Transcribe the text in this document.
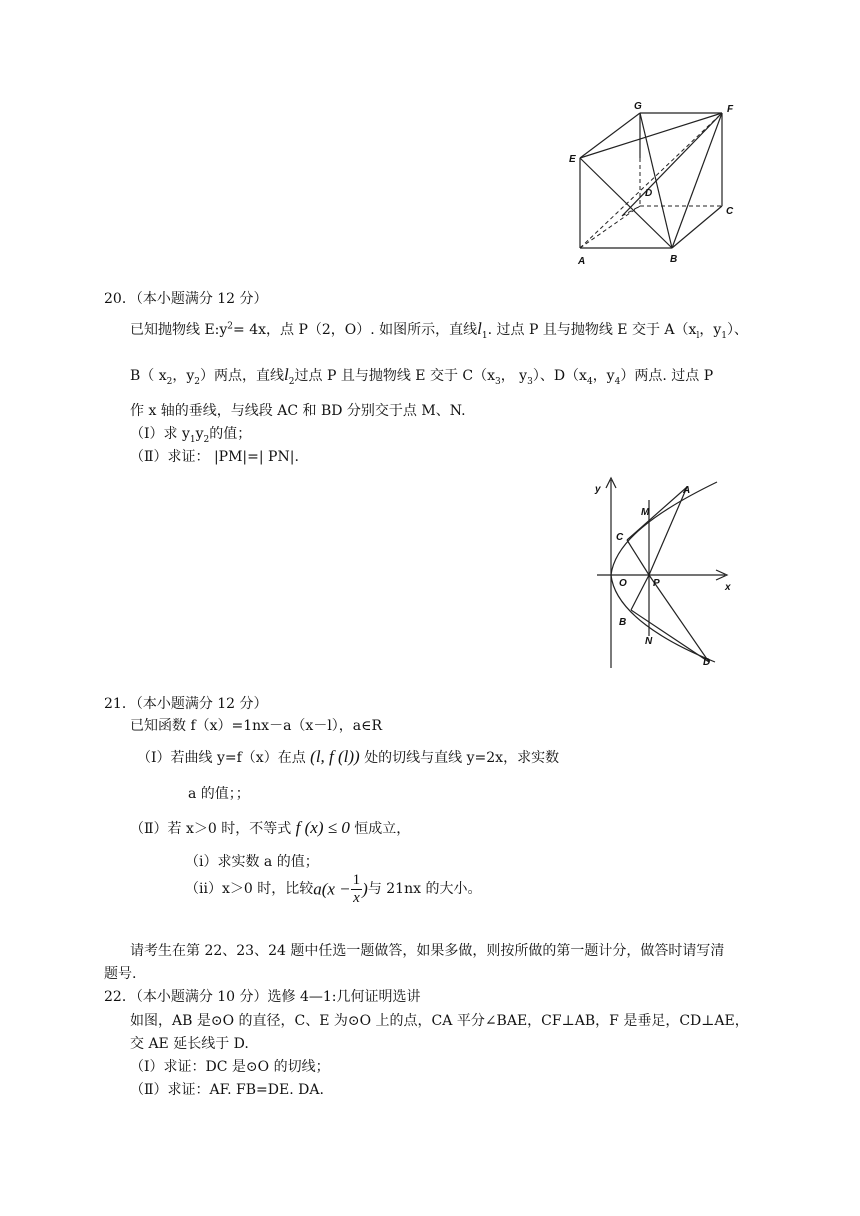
G	F
E
D
C
A	B
20．（本小题满分 12 分）
已知抛物线 $E:y^2= 4x$，点 P（2，O）. 如图所示，直线$l_1$. 过点 P 且与抛物线 E 交于 $A(x_l$，$y_1$）、
B（ $x_2$，$y_2$）两点，直线$l_2$过点 P 且与抛物线 E 交于 $C(x_3$， $y_3$）、$D(x_4$，$y_4$）两点. 过点 P
作 x 轴的垂线，与线段 AC 和 BD 分别交于点 M、N.
（I）求 $y_1y_2$的值；
（Ⅱ）求证： |PM|=| PN|.
y	A
M
C
O	P	x
B
N
D
21．（本小题满分 12 分）
已知函数 f（x）=1nx－a（x－l），a∈R
（I）若曲线 y=f（x）在点 (l, f (l)) 处的切线与直线 y=2x，求实数
a 的值；；
（Ⅱ）若 x＞0 时，不等式 f (x) ≤ 0 恒成立，
（i）求实数 a 的值；
（ii）x＞0 时，比较$a(x - \frac{1}{x}$ )与 21nx 的大小。
请考生在第 22、23、24 题中任选一题做答，如果多做，则按所做的第一题计分，做答时请写清
题号.
22．（本小题满分 10 分）选修 4—1:几何证明选讲
如图，AB 是⊙O 的直径，C、E 为⊙O 上的点，CA 平分∠BAE，CF⊥AB，F 是垂足，CD⊥AE，
交 AE 延长线于 D.
（I）求证：DC 是⊙O 的切线；
（Ⅱ）求证：AF. FB=DE. DA.
